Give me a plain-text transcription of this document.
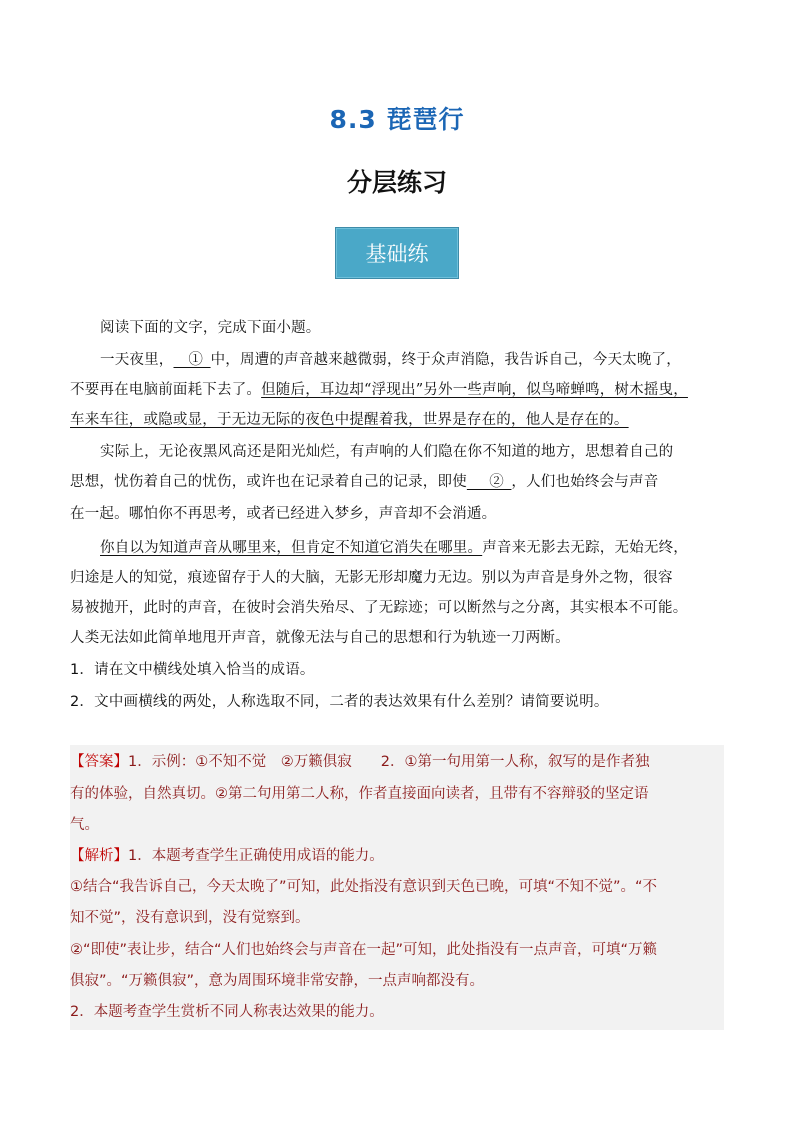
8.3 琵琶行
分层练习
基础练
阅读下面的文字，完成下面小题。
一天夜里，__①_中，周遭的声音越来越微弱，终于众声消隐，我告诉自己，今天太晚了，
不要再在电脑前面耗下去了。但随后，耳边却“浮现出”另外一些声响，似鸟啼蝉鸣，树木摇曳，
车来车往，或隐或显，于无边无际的夜色中提醒着我，世界是存在的，他人是存在的。
实际上，无论夜黑风高还是阳光灿烂，有声响的人们隐在你不知道的地方，思想着自己的
思想，忧伤着自己的忧伤，或许也在记录着自己的记录，即使___②_，人们也始终会与声音
在一起。哪怕你不再思考，或者已经进入梦乡，声音却不会消遁。
你自以为知道声音从哪里来，但肯定不知道它消失在哪里。声音来无影去无踪，无始无终，
归途是人的知觉，痕迹留存于人的大脑，无影无形却魔力无边。别以为声音是身外之物，很容
易被抛开，此时的声音，在彼时会消失殆尽、了无踪迹；可以断然与之分离，其实根本不可能。
人类无法如此简单地甩开声音，就像无法与自己的思想和行为轨迹一刀两断。
1．请在文中横线处填入恰当的成语。
2．文中画横线的两处，人称选取不同，二者的表达效果有什么差别？请简要说明。
【答案】1．示例：①不知不觉　②万籁俱寂　　2．①第一句用第一人称，叙写的是作者独
有的体验，自然真切。②第二句用第二人称，作者直接面向读者，且带有不容辩驳的坚定语
气。
【解析】1．本题考查学生正确使用成语的能力。
①结合“我告诉自己，今天太晚了”可知，此处指没有意识到天色已晚，可填“不知不觉”。“不
知不觉”，没有意识到，没有觉察到。
②“即使”表让步，结合“人们也始终会与声音在一起”可知，此处指没有一点声音，可填“万籁
俱寂”。“万籁俱寂”，意为周围环境非常安静，一点声响都没有。
2．本题考查学生赏析不同人称表达效果的能力。
